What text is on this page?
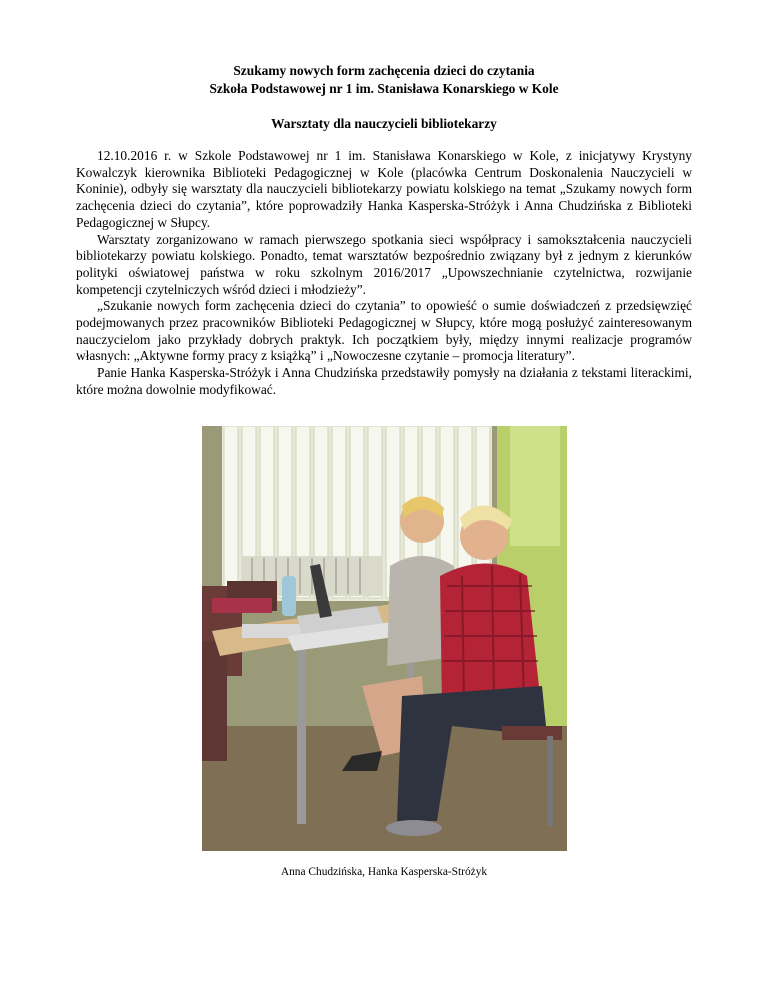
Szukamy nowych form zachęcenia dzieci do czytania

Szkoła Podstawowej nr 1 im. Stanisława Konarskiego w Kole

Warsztaty dla nauczycieli bibliotekarzy

12.10.2016 r. w Szkole Podstawowej nr 1 im. Stanisława Konarskiego w Kole, z inicjatywy Krystyny Kowalczyk kierownika Biblioteki Pedagogicznej w Kole (placówka Centrum Doskonalenia Nauczycieli w Koninie), odbyły się warsztaty dla nauczycieli bibliotekarzy powiatu kolskiego na temat „Szukamy nowych form zachęcenia dzieci do czytania”, które poprowadziły Hanka Kasperska-Stróżyk i Anna Chudzińska z Biblioteki Pedagogicznej w Słupcy.

Warsztaty zorganizowano w ramach pierwszego spotkania sieci współpracy i samokształcenia nauczycieli bibliotekarzy powiatu kolskiego. Ponadto, temat warsztatów bezpośrednio związany był z jednym z kierunków polityki oświatowej państwa w roku szkolnym 2016/2017 „Upowszechnianie czytelnictwa, rozwijanie kompetencji czytelniczych wśród dzieci i młodzieży”.

„Szukanie nowych form zachęcenia dzieci do czytania” to opowieść o sumie doświadczeń z przedsięwzięć podejmowanych przez pracowników Biblioteki Pedagogicznej w Słupcy, które mogą posłużyć zainteresowanym nauczycielom jako przykłady dobrych praktyk. Ich początkiem były, między innymi realizacje programów własnych: „Aktywne formy pracy z książką” i „Nowoczesne czytanie – promocja literatury”.

Panie Hanka Kasperska-Stróżyk i Anna Chudzińska przedstawiły pomysły na działania z tekstami literackimi, które można dowolnie modyfikować.

Anna Chudzińska, Hanka Kasperska-Stróżyk
